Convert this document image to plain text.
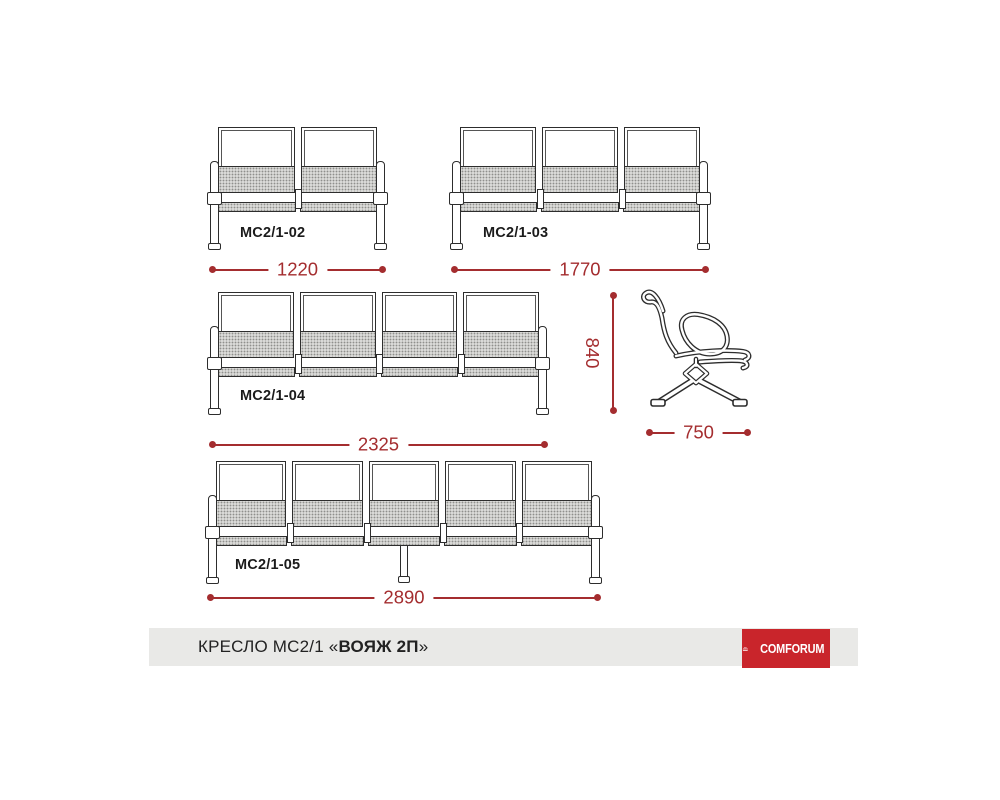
МС2/1-02
1220
МС2/1-03
1770
МС2/1-04
2325
МС2/1-05
2890
840
750
КРЕСЛО МС2/1 «ВОЯЖ 2П»	COMFORUM
